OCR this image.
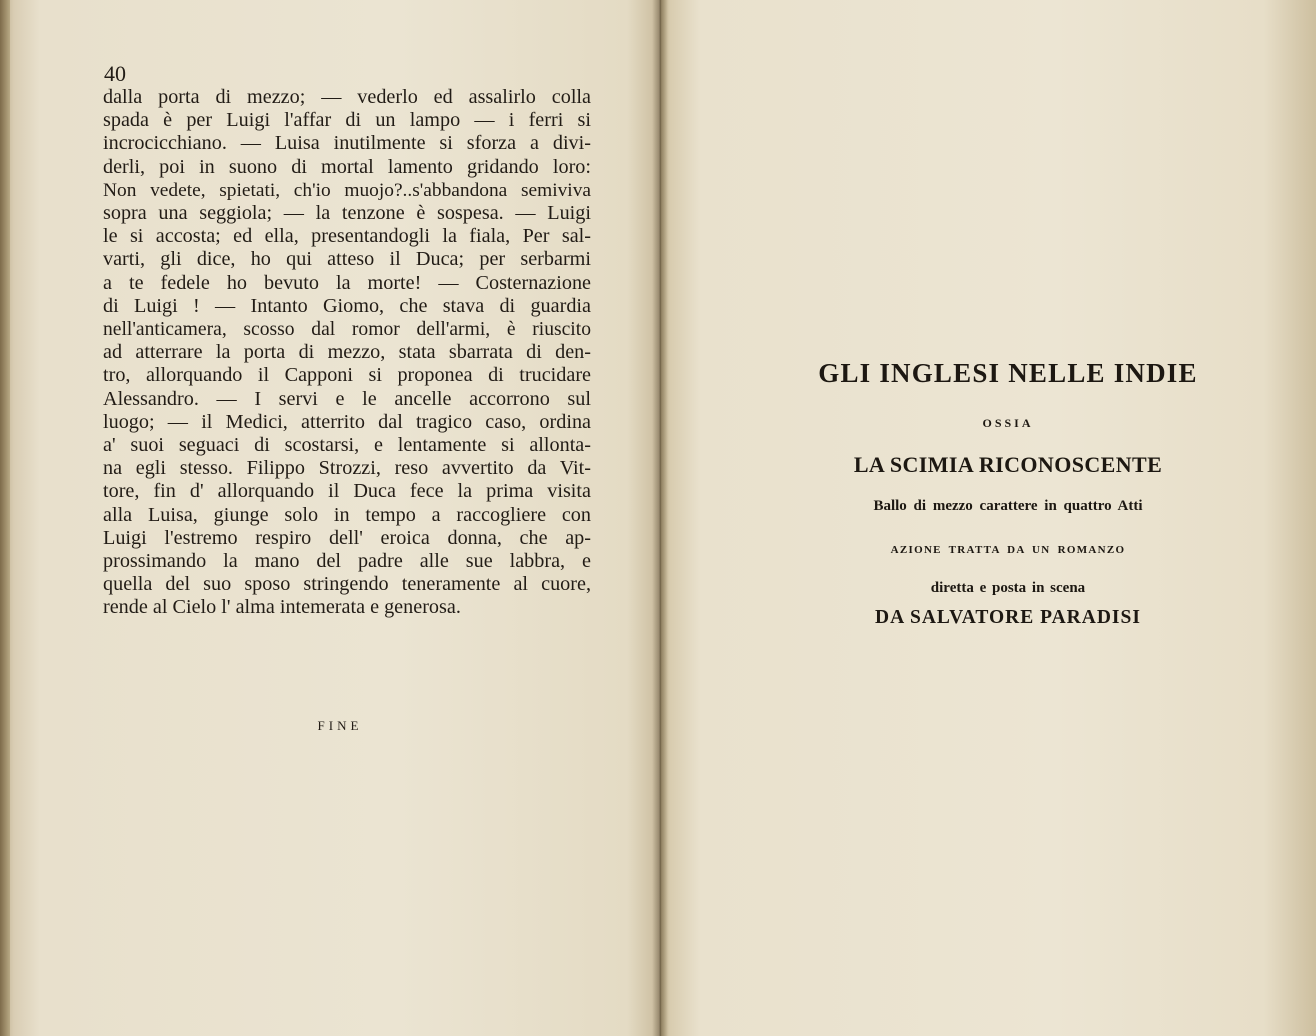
40
dalla porta di mezzo; — vederlo ed assalirlo colla
spada è per Luigi l'affar di un lampo — i ferri si
incrocicchiano. — Luisa inutilmente si sforza a divi-
derli, poi in suono di mortal lamento gridando loro:
Non vedete, spietati, ch'io muojo?..s'abbandona semiviva
sopra una seggiola; — la tenzone è sospesa. — Luigi
le si accosta; ed ella, presentandogli la fiala, Per sal-
varti, gli dice, ho qui atteso il Duca; per serbarmi
a te fedele ho bevuto la morte! — Costernazione
di Luigi ! — Intanto Giomo, che stava di guardia
nell'anticamera, scosso dal romor dell'armi, è riuscito
ad atterrare la porta di mezzo, stata sbarrata di den-
tro, allorquando il Capponi si proponea di trucidare
Alessandro. — I servi e le ancelle accorrono sul
luogo; — il Medici, atterrito dal tragico caso, ordina
a' suoi seguaci di scostarsi, e lentamente si allonta-
na egli stesso. Filippo Strozzi, reso avvertito da Vit-
tore, fin d' allorquando il Duca fece la prima visita
alla Luisa, giunge solo in tempo a raccogliere con
Luigi l'estremo respiro dell' eroica donna, che ap-
prossimando la mano del padre alle sue labbra, e
quella del suo sposo stringendo teneramente al cuore,
rende al Cielo l' alma intemerata e generosa.
FINE
GLI INGLESI NELLE INDIE
OSSIA
LA SCIMIA RICONOSCENTE
Ballo di mezzo carattere in quattro Atti
AZIONE TRATTA DA UN ROMANZO
diretta e posta in scena
DA SALVATORE PARADISI
